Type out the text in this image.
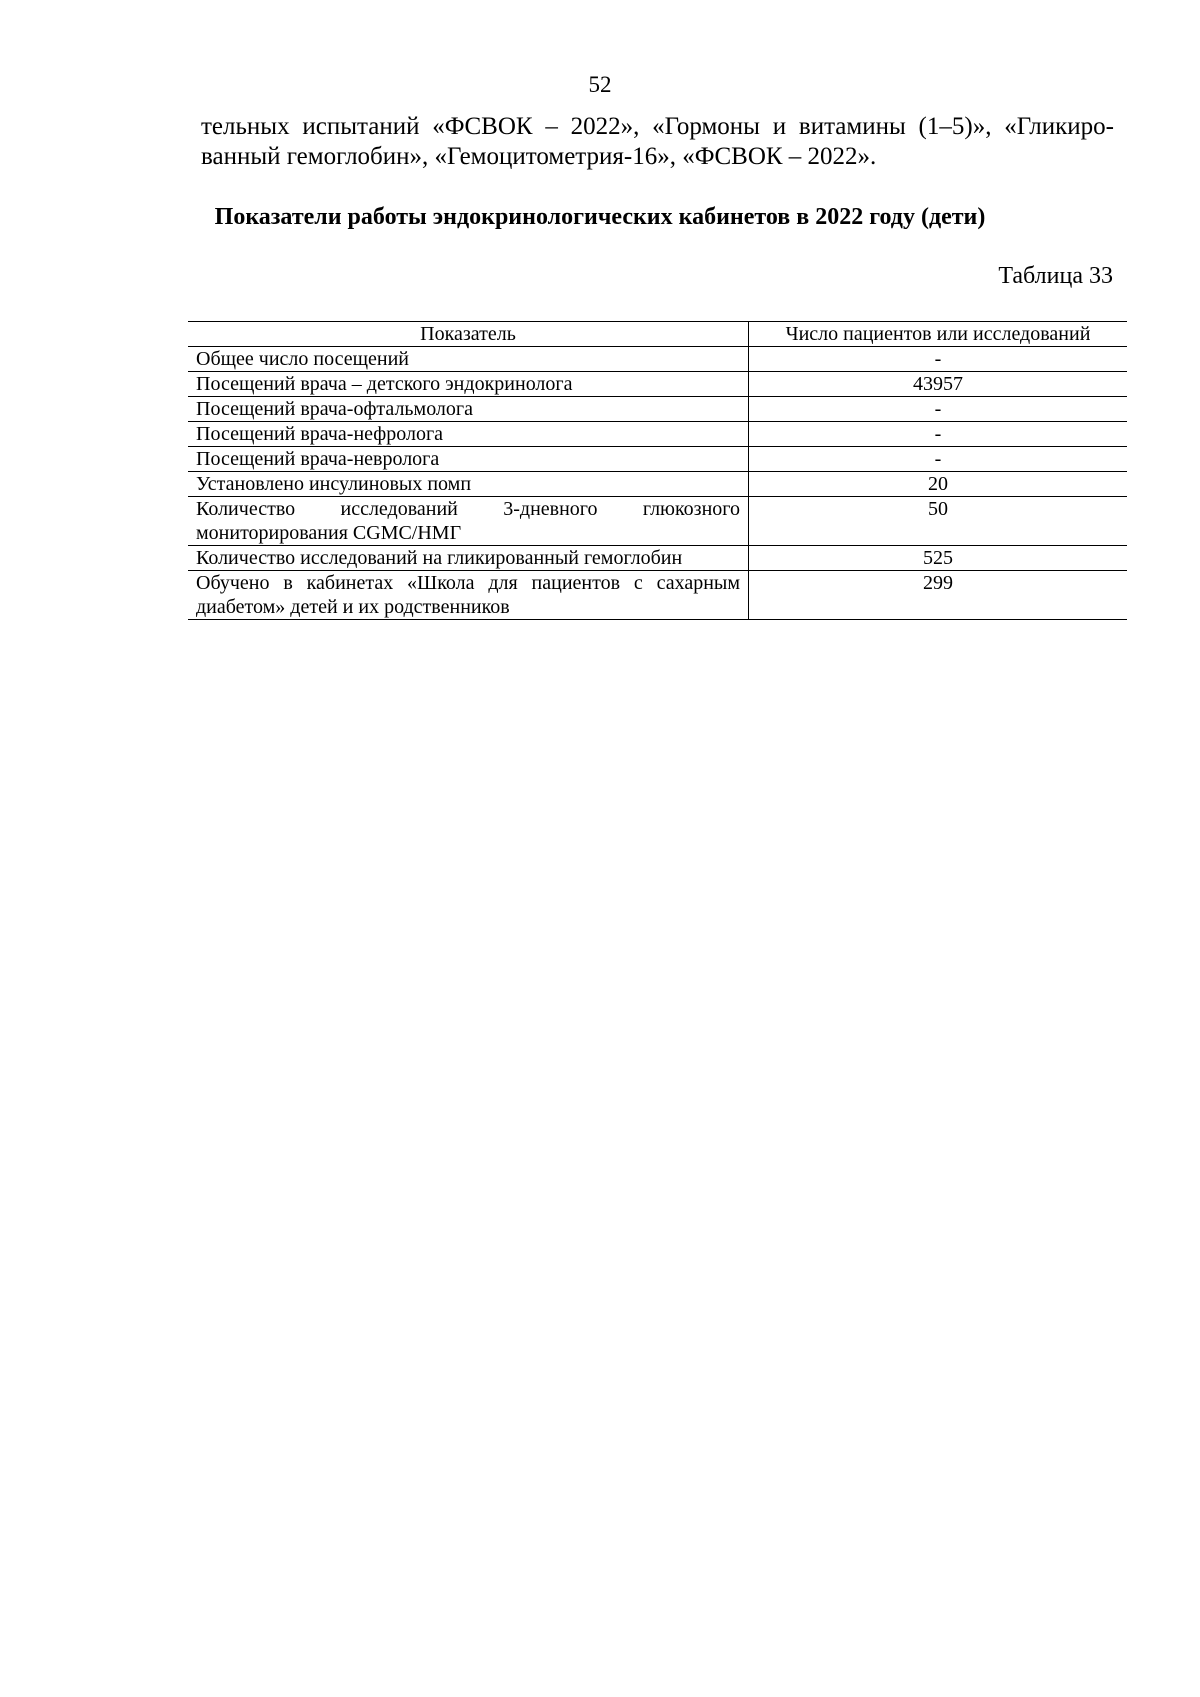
52
тельных испытаний «ФСВОК – 2022», «Гормоны и витамины (1–5)», «Гликиро-
ванный гемоглобин», «Гемоцитометрия-16», «ФСВОК – 2022».
Показатели работы эндокринологических кабинетов в 2022 году (дети)
Таблица 33
Показатель	Число пациентов или исследований
Общее число посещений	-
Посещений врача – детского эндокринолога	43957
Посещений врача-офтальмолога	-
Посещений врача-нефролога	-
Посещений врача-невролога	-
Установлено инсулиновых помп	20
Количество исследований 3-дневного глюкозного мониторирования CGMC/НМГ	50
Количество исследований на гликированный гемоглобин	525
Обучено в кабинетах «Школа для пациентов с сахарным диабетом» детей и их родственников	299
